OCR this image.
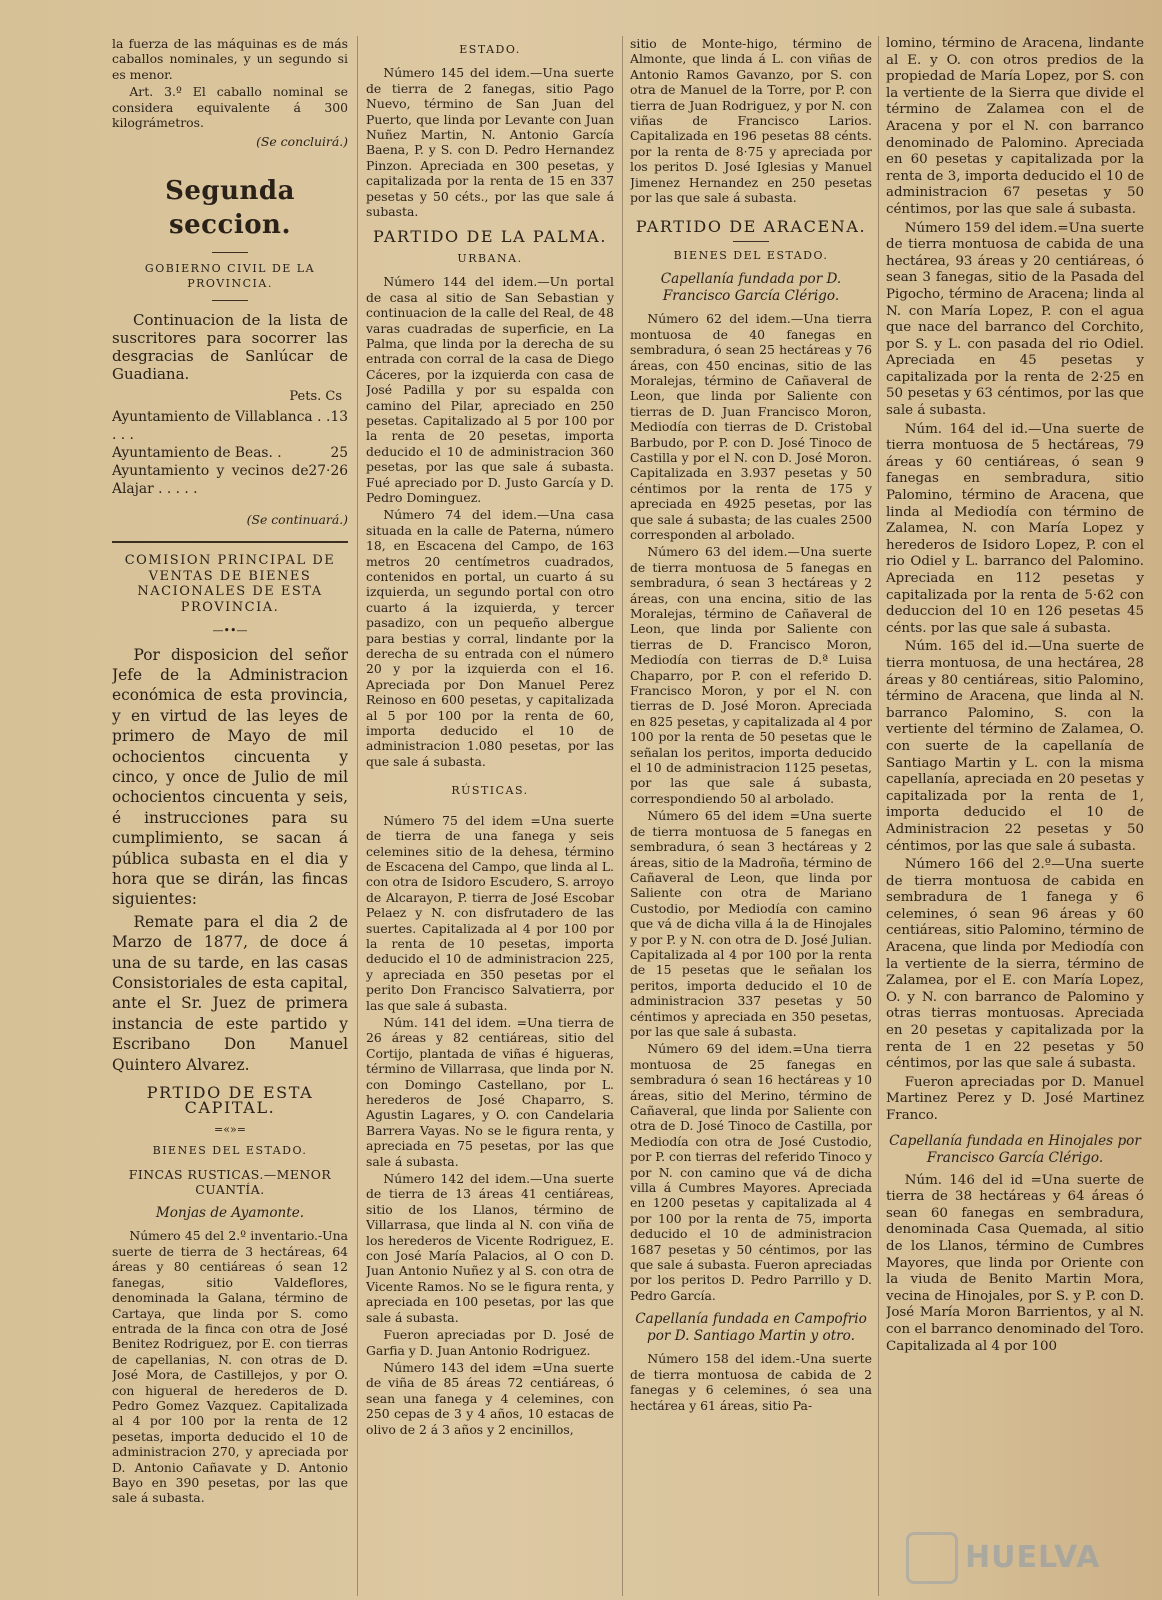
la fuerza de las máquinas es de más caballos nominales, y un segundo si es menor.

Art. 3.º El caballo nominal se considera equivalente á 300 kilográmetros.

(Se concluirá.)

Segunda seccion.
GOBIERNO CIVIL DE LA PROVINCIA.

Continuacion de la lista de suscritores para socorrer las desgracias de Sanlúcar de Guadiana.

Pets. Cs
Ayuntamiento de Villablanca . . . . .
13
Ayuntamiento de Beas. .	25
Ayuntamiento y vecinos de Alajar . . . . .
27·26

(Se continuará.)

COMISION PRINCIPAL DE VENTAS DE BIENES NACIONALES DE ESTA PROVINCIA.
—••—

Por disposicion del señor Jefe de la Administracion económica de esta provincia, y en virtud de las leyes de primero de Mayo de mil ochocientos cincuenta y cinco, y once de Julio de mil ochocientos cincuenta y seis, é instrucciones para su cumplimiento, se sacan á pública subasta en el dia y hora que se dirán, las fincas siguientes:

Remate para el dia 2 de Marzo de 1877, de doce á una de su tarde, en las casas Consistoriales de esta capital, ante el Sr. Juez de primera instancia de este partido y Escribano Don Manuel Quintero Alvarez.

PRTIDO DE ESTA CAPITAL.
=«»=
BIENES DEL ESTADO.
FINCAS RUSTICAS.—MENOR CUANTÍA.
Monjas de Ayamonte.

Número 45 del 2.º inventario.-Una suerte de tierra de 3 hectáreas, 64 áreas y 80 centiáreas ó sean 12 fanegas, sitio Valdeflores, denominada la Galana, término de Cartaya, que linda por S. como entrada de la finca con otra de José Benitez Rodriguez, por E. con tierras de capellanias, N. con otras de D. José Mora, de Castillejos, y por O. con higueral de herederos de D. Pedro Gomez Vazquez. Capitalizada al 4 por 100 por la renta de 12 pesetas, importa deducido el 10 de administracion 270, y apreciada por D. Antonio Cañavate y D. Antonio Bayo en 390 pesetas, por las que sale á subasta.

ESTADO.

Número 145 del idem.—Una suerte de tierra de 2 fanegas, sitio Pago Nuevo, término de San Juan del Puerto, que linda por Levante con Juan Nuñez Martin, N. Antonio García Baena, P. y S. con D. Pedro Hernandez Pinzon. Apreciada en 300 pesetas, y capitalizada por la renta de 15 en 337 pesetas y 50 céts., por las que sale á subasta.

PARTIDO DE LA PALMA.
URBANA.

Número 144 del idem.—Un portal de casa al sitio de San Sebastian y continuacion de la calle del Real, de 48 varas cuadradas de superficie, en La Palma, que linda por la derecha de su entrada con corral de la casa de Diego Cáceres, por la izquierda con casa de José Padilla y por su espalda con camino del Pilar, apreciado en 250 pesetas. Capitalizado al 5 por 100 por la renta de 20 pesetas, importa deducido el 10 de administracion 360 pesetas, por las que sale á subasta. Fué apreciado por D. Justo García y D. Pedro Dominguez.

Número 74 del idem.—Una casa situada en la calle de Paterna, número 18, en Escacena del Campo, de 163 metros 20 centímetros cuadrados, contenidos en portal, un cuarto á su izquierda, un segundo portal con otro cuarto á la izquierda, y tercer pasadizo, con un pequeño albergue para bestias y corral, lindante por la derecha de su entrada con el número 20 y por la izquierda con el 16. Apreciada por Don Manuel Perez Reinoso en 600 pesetas, y capitalizada al 5 por 100 por la renta de 60, importa deducido el 10 de administracion 1.080 pesetas, por las que sale á subasta.

RÚSTICAS.

Número 75 del idem =Una suerte de tierra de una fanega y seis celemines sitio de la dehesa, término de Escacena del Campo, que linda al L. con otra de Isidoro Escudero, S. arroyo de Alcarayon, P. tierra de José Escobar Pelaez y N. con disfrutadero de las suertes. Capitalizada al 4 por 100 por la renta de 10 pesetas, importa deducido el 10 de administracion 225, y apreciada en 350 pesetas por el perito Don Francisco Salvatierra, por las que sale á subasta.

Núm. 141 del idem. =Una tierra de 26 áreas y 82 centiáreas, sitio del Cortijo, plantada de viñas é higueras, término de Villarrasa, que linda por N. con Domingo Castellano, por L. herederos de José Chaparro, S. Agustin Lagares, y O. con Candelaria Barrera Vayas. No se le figura renta, y apreciada en 75 pesetas, por las que sale á subasta.

Número 142 del idem.—Una suerte de tierra de 13 áreas 41 centiáreas, sitio de los Llanos, término de Villarrasa, que linda al N. con viña de los herederos de Vicente Rodriguez, E. con José María Palacios, al O con D. Juan Antonio Nuñez y al S. con otra de Vicente Ramos. No se le figura renta, y apreciada en 100 pesetas, por las que sale á subasta.

Fueron apreciadas por D. José de Garfia y D. Juan Antonio Rodriguez.

Número 143 del idem =Una suerte de viña de 85 áreas 72 centiáreas, ó sean una fanega y 4 celemines, con 250 cepas de 3 y 4 años, 10 estacas de olivo de 2 á 3 años y 2 encinillos,

sitio de Monte-higo, término de Almonte, que linda á L. con viñas de Antonio Ramos Gavanzo, por S. con otra de Manuel de la Torre, por P. con tierra de Juan Rodriguez, y por N. con viñas de Francisco Larios. Capitalizada en 196 pesetas 88 cénts. por la renta de 8·75 y apreciada por los peritos D. José Iglesias y Manuel Jimenez Hernandez en 250 pesetas por las que sale á subasta.

PARTIDO DE ARACENA.
BIENES DEL ESTADO.
Capellanía fundada por D. Francisco García Clérigo.

Número 62 del idem.—Una tierra montuosa de 40 fanegas en sembradura, ó sean 25 hectáreas y 76 áreas, con 450 encinas, sitio de las Moralejas, término de Cañaveral de Leon, que linda por Saliente con tierras de D. Juan Francisco Moron, Mediodía con tierras de D. Cristobal Barbudo, por P. con D. José Tinoco de Castilla y por el N. con D. José Moron. Capitalizada en 3.937 pesetas y 50 céntimos por la renta de 175 y apreciada en 4925 pesetas, por las que sale á subasta; de las cuales 2500 corresponden al arbolado.

Número 63 del idem.—Una suerte de tierra montuosa de 5 fanegas en sembradura, ó sean 3 hectáreas y 2 áreas, con una encina, sitio de las Moralejas, término de Cañaveral de Leon, que linda por Saliente con tierras de D. Francisco Moron, Mediodía con tierras de D.ª Luisa Chaparro, por P. con el referido D. Francisco Moron, y por el N. con tierras de D. José Moron. Apreciada en 825 pesetas, y capitalizada al 4 por 100 por la renta de 50 pesetas que le señalan los peritos, importa deducido el 10 de administracion 1125 pesetas, por las que sale á subasta, correspondiendo 50 al arbolado.

Número 65 del idem =Una suerte de tierra montuosa de 5 fanegas en sembradura, ó sean 3 hectáreas y 2 áreas, sitio de la Madroña, término de Cañaveral de Leon, que linda por Saliente con otra de Mariano Custodio, por Mediodía con camino que vá de dicha villa á la de Hinojales y por P. y N. con otra de D. José Julian. Capitalizada al 4 por 100 por la renta de 15 pesetas que le señalan los peritos, importa deducido el 10 de administracion 337 pesetas y 50 céntimos y apreciada en 350 pesetas, por las que sale á subasta.

Número 69 del idem.=Una tierra montuosa de 25 fanegas en sembradura ó sean 16 hectáreas y 10 áreas, sitio del Merino, término de Cañaveral, que linda por Saliente con otra de D. José Tinoco de Castilla, por Mediodía con otra de José Custodio, por P. con tierras del referido Tinoco y por N. con camino que vá de dicha villa á Cumbres Mayores. Apreciada en 1200 pesetas y capitalizada al 4 por 100 por la renta de 75, importa deducido el 10 de administracion 1687 pesetas y 50 céntimos, por las que sale á subasta. Fueron apreciadas por los peritos D. Pedro Parrillo y D. Pedro García.

Capellanía fundada en Campofrio por D. Santiago Martin y otro.

Número 158 del idem.-Una suerte de tierra montuosa de cabida de 2 fanegas y 6 celemines, ó sea una hectárea y 61 áreas, sitio Pa-

lomino, término de Aracena, lindante al E. y O. con otros predios de la propiedad de María Lopez, por S. con la vertiente de la Sierra que divide el término de Zalamea con el de Aracena y por el N. con barranco denominado de Palomino. Apreciada en 60 pesetas y capitalizada por la renta de 3, importa deducido el 10 de administracion 67 pesetas y 50 céntimos, por las que sale á subasta.

Número 159 del idem.=Una suerte de tierra montuosa de cabida de una hectárea, 93 áreas y 20 centiáreas, ó sean 3 fanegas, sitio de la Pasada del Pigocho, término de Aracena; linda al N. con María Lopez, P. con el agua que nace del barranco del Corchito, por S. y L. con pasada del rio Odiel. Apreciada en 45 pesetas y capitalizada por la renta de 2·25 en 50 pesetas y 63 céntimos, por las que sale á subasta.

Núm. 164 del id.—Una suerte de tierra montuosa de 5 hectáreas, 79 áreas y 60 centiáreas, ó sean 9 fanegas en sembradura, sitio Palomino, término de Aracena, que linda al Mediodía con término de Zalamea, N. con María Lopez y herederos de Isidoro Lopez, P. con el rio Odiel y L. barranco del Palomino. Apreciada en 112 pesetas y capitalizada por la renta de 5·62 con deduccion del 10 en 126 pesetas 45 cénts. por las que sale á subasta.

Núm. 165 del id.—Una suerte de tierra montuosa, de una hectárea, 28 áreas y 80 centiáreas, sitio Palomino, término de Aracena, que linda al N. barranco Palomino, S. con la vertiente del término de Zalamea, O. con suerte de la capellanía de Santiago Martin y L. con la misma capellanía, apreciada en 20 pesetas y capitalizada por la renta de 1, importa deducido el 10 de Administracion 22 pesetas y 50 céntimos, por las que sale á subasta.

Número 166 del 2.º—Una suerte de tierra montuosa de cabida en sembradura de 1 fanega y 6 celemines, ó sean 96 áreas y 60 centiáreas, sitio Palomino, término de Aracena, que linda por Mediodía con la vertiente de la sierra, término de Zalamea, por el E. con María Lopez, O. y N. con barranco de Palomino y otras tierras montuosas. Apreciada en 20 pesetas y capitalizada por la renta de 1 en 22 pesetas y 50 céntimos, por las que sale á subasta.

Fueron apreciadas por D. Manuel Martinez Perez y D. José Martinez Franco.

Capellanía fundada en Hinojales por Francisco García Clérigo.

Núm. 146 del id =Una suerte de tierra de 38 hectáreas y 64 áreas ó sean 60 fanegas en sembradura, denominada Casa Quemada, al sitio de los Llanos, término de Cumbres Mayores, que linda por Oriente con la viuda de Benito Martin Mora, vecina de Hinojales, por S. y P. con D. José María Moron Barrientos, y al N. con el barranco denominado del Toro. Capitalizada al 4 por 100

HUELVA
